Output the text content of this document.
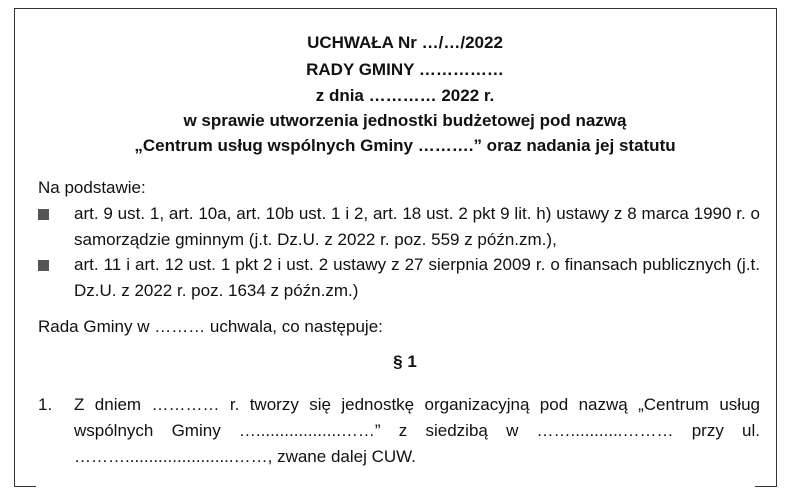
UCHWAŁA Nr …/…/2022
RADY GMINY ……………
z dnia ………… 2022 r.
w sprawie utworzenia jednostki budżetowej pod nazwą
„Centrum usług wspólnych Gminy ……….” oraz nadania jej statutu
Na podstawie:
art. 9 ust. 1, art. 10a, art. 10b ust. 1 i 2, art. 18 ust. 2 pkt 9 lit. h) ustawy z 8 marca 1990 r. o samorządzie gminnym (j.t. Dz.U. z 2022 r. poz. 559 z późn.zm.),
art. 11 i art. 12 ust. 1 pkt 2 i ust. 2 ustawy z 27 sierpnia 2009 r. o finansach publicznych (j.t. Dz.U. z 2022 r. poz. 1634 z późn.zm.)
Rada Gminy w ……… uchwala, co następuje:
§ 1
1. Z dniem ………… r. tworzy się jednostkę organizacyjną pod nazwą „Centrum usług wspólnych Gminy …..................……” z siedzibą w ……...........……… przy ul. ……….......................……, zwane dalej CUW.
